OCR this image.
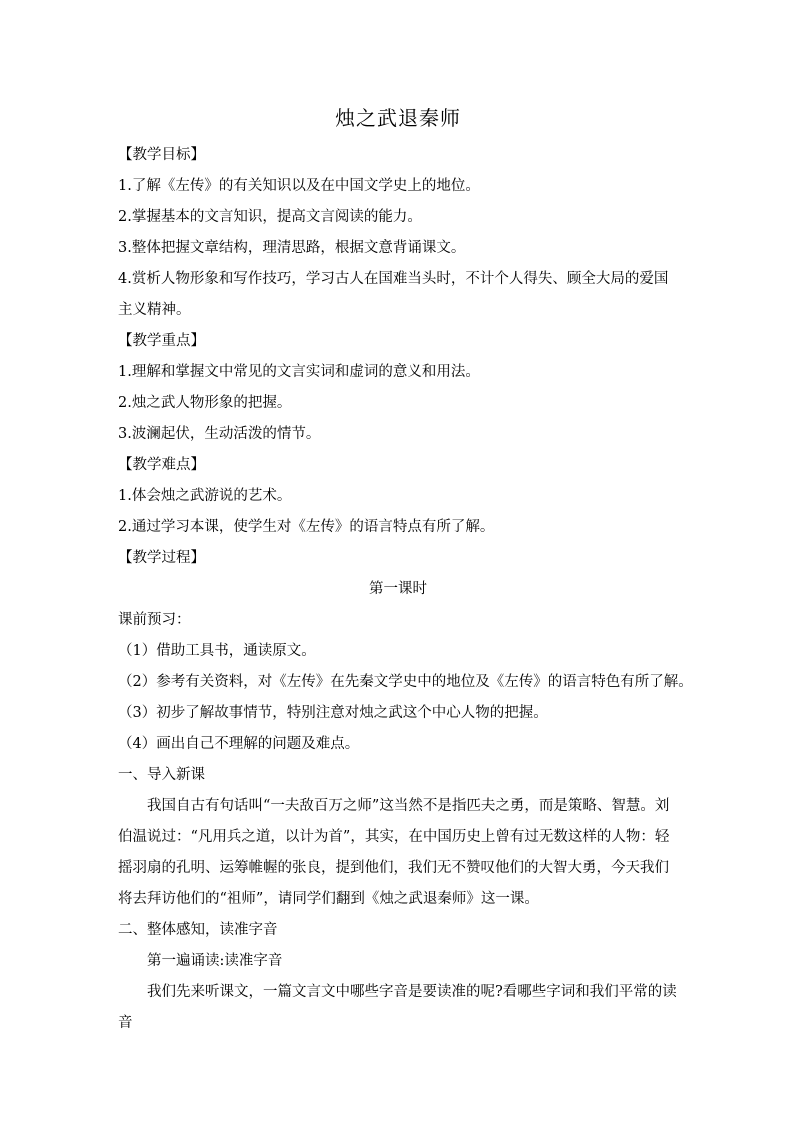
烛之武退秦师
【教学目标】
1.了解《左传》的有关知识以及在中国文学史上的地位。
2.掌握基本的文言知识，提高文言阅读的能力。
3.整体把握文章结构，理清思路，根据文意背诵课文。
4.赏析人物形象和写作技巧，学习古人在国难当头时，不计个人得失、顾全大局的爱国主义精神。
【教学重点】
1.理解和掌握文中常见的文言实词和虚词的意义和用法。
2.烛之武人物形象的把握。
3.波澜起伏，生动活泼的情节。
【教学难点】
1.体会烛之武游说的艺术。
2.通过学习本课，使学生对《左传》的语言特点有所了解。
【教学过程】
第一课时
课前预习：
（1）借助工具书，通读原文。
（2）参考有关资料，对《左传》在先秦文学史中的地位及《左传》的语言特色有所了解。
（3）初步了解故事情节，特别注意对烛之武这个中心人物的把握。
（4）画出自己不理解的问题及难点。
一、导入新课
我国自古有句话叫“一夫敌百万之师”这当然不是指匹夫之勇，而是策略、智慧。刘伯温说过：“凡用兵之道，以计为首”，其实，在中国历史上曾有过无数这样的人物：轻摇羽扇的孔明、运筹帷幄的张良，提到他们，我们无不赞叹他们的大智大勇，今天我们将去拜访他们的“祖师”，请同学们翻到《烛之武退秦师》这一课。
二、整体感知，读准字音
第一遍诵读:读准字音
我们先来听课文，一篇文言文中哪些字音是要读准的呢?看哪些字词和我们平常的读音
